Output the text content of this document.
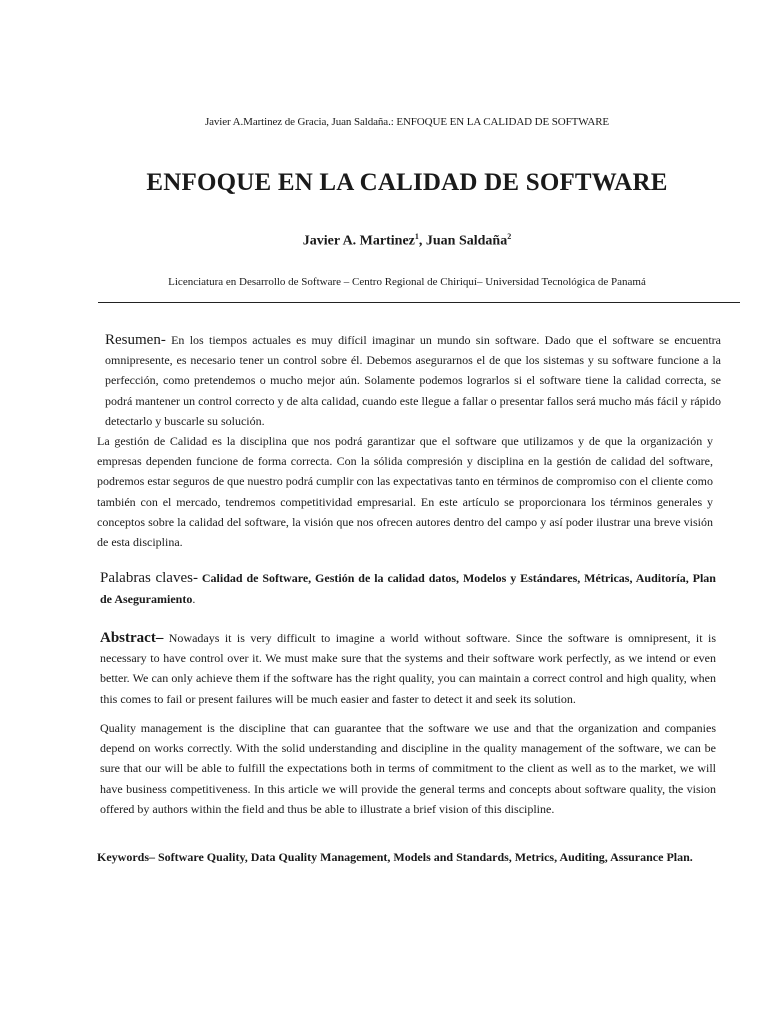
Javier A.Martinez de Gracia, Juan Saldaña.: ENFOQUE EN LA CALIDAD DE SOFTWARE
ENFOQUE EN LA CALIDAD DE SOFTWARE
Javier A. Martinez$^1$, Juan Saldaña$^2$
Licenciatura en Desarrollo de Software – Centro Regional de Chiriquí– Universidad Tecnológica de Panamá
Resumen- En los tiempos actuales es muy difícil imaginar un mundo sin software. Dado que el software se encuentra omnipresente, es necesario tener un control sobre él. Debemos asegurarnos el de que los sistemas y su software funcione a la perfección, como pretendemos o mucho mejor aún. Solamente podemos lograrlos si el software tiene la calidad correcta, se podrá mantener un control correcto y de alta calidad, cuando este llegue a fallar o presentar fallos será mucho más fácil y rápido detectarlo y buscarle su solución.
La gestión de Calidad es la disciplina que nos podrá garantizar que el software que utilizamos y de que la organización y empresas dependen funcione de forma correcta. Con la sólida compresión y disciplina en la gestión de calidad del software, podremos estar seguros de que nuestro podrá cumplir con las expectativas tanto en términos de compromiso con el cliente como también con el mercado, tendremos competitividad empresarial. En este artículo se proporcionara los términos generales y conceptos sobre la calidad del software, la visión que nos ofrecen autores dentro del campo y así poder ilustrar una breve visión de esta disciplina.
Palabras claves- Calidad de Software, Gestión de la calidad datos, Modelos y Estándares, Métricas, Auditoría, Plan de Aseguramiento.
Abstract– Nowadays it is very difficult to imagine a world without software. Since the software is omnipresent, it is necessary to have control over it. We must make sure that the systems and their software work perfectly, as we intend or even better. We can only achieve them if the software has the right quality, you can maintain a correct control and high quality, when this comes to fail or present failures will be much easier and faster to detect it and seek its solution.
Quality management is the discipline that can guarantee that the software we use and that the organization and companies depend on works correctly. With the solid understanding and discipline in the quality management of the software, we can be sure that our will be able to fulfill the expectations both in terms of commitment to the client as well as to the market, we will have business competitiveness. In this article we will provide the general terms and concepts about software quality, the vision offered by authors within the field and thus be able to illustrate a brief vision of this discipline.
Keywords– Software Quality, Data Quality Management, Models and Standards, Metrics, Auditing, Assurance Plan.
